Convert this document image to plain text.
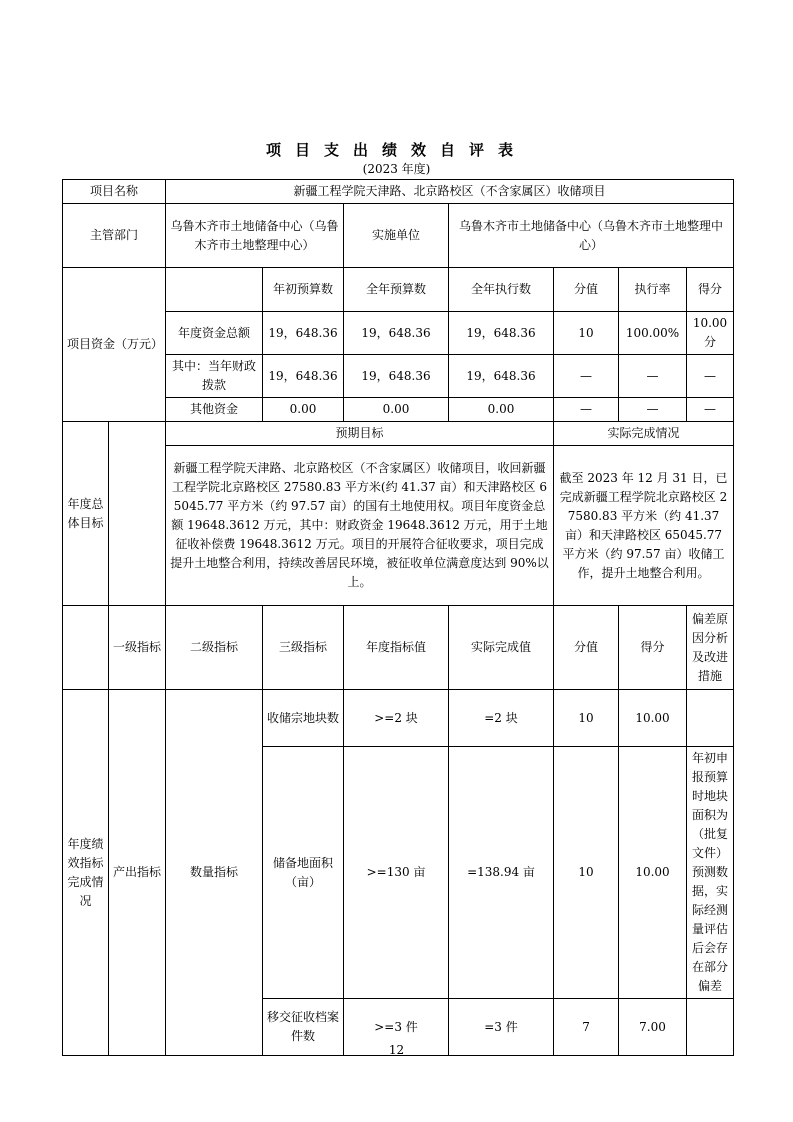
项目支出绩效自评表
(2023 年度)
项目名称		新疆工程学院天津路、北京路校区（不含家属区）收储项目						
主管部门		乌鲁木齐市土地储备中心（乌鲁木齐市土地整理中心）		实施单位	乌鲁木齐市土地储备中心（乌鲁木齐市土地整理中心）			
项目资金（万元）			年初预算数	全年预算数	全年执行数	分值	执行率	得分
		年度资金总额	19，648.36	19，648.36	19，648.36	10	100.00%	10.00 分
		其中：当年财政拨款	19，648.36	19，648.36	19，648.36	—	—	—
		其他资金	0.00	0.00	0.00	—	—	—
年度总体目标		预期目标				实际完成情况		
		新疆工程学院天津路、北京路校区（不含家属区）收储项目，收回新疆工程学院北京路校区 27580.83 平方米(约 41.37 亩）和天津路校区 65045.77 平方米（约 97.57 亩）的国有土地使用权。项目年度资金总额 19648.3612 万元，其中：财政资金 19648.3612 万元，用于土地征收补偿费 19648.3612 万元。项目的开展符合征收要求，项目完成提升土地整合利用，持续改善居民环境，被征收单位满意度达到 90%以上。				截至 2023 年 12 月 31 日，已完成新疆工程学院北京路校区 27580.83 平方米（约 41.37 亩）和天津路校区 65045.77 平方米（约 97.57 亩）收储工作，提升土地整合利用。		
	一级指标	二级指标	三级指标	年度指标值	实际完成值	分值	得分	偏差原因分析及改进措施
年度绩效指标完成情况	产出指标	数量指标	收储宗地块数	>=2 块	=2 块	10	10.00	
			储备地面积（亩）	>=130 亩	=138.94 亩	10	10.00	年初申报预算时地块面积为（批复文件）预测数据，实际经测量评估后会存在部分偏差
			移交征收档案件数	>=3 件	=3 件	7	7.00	
12
